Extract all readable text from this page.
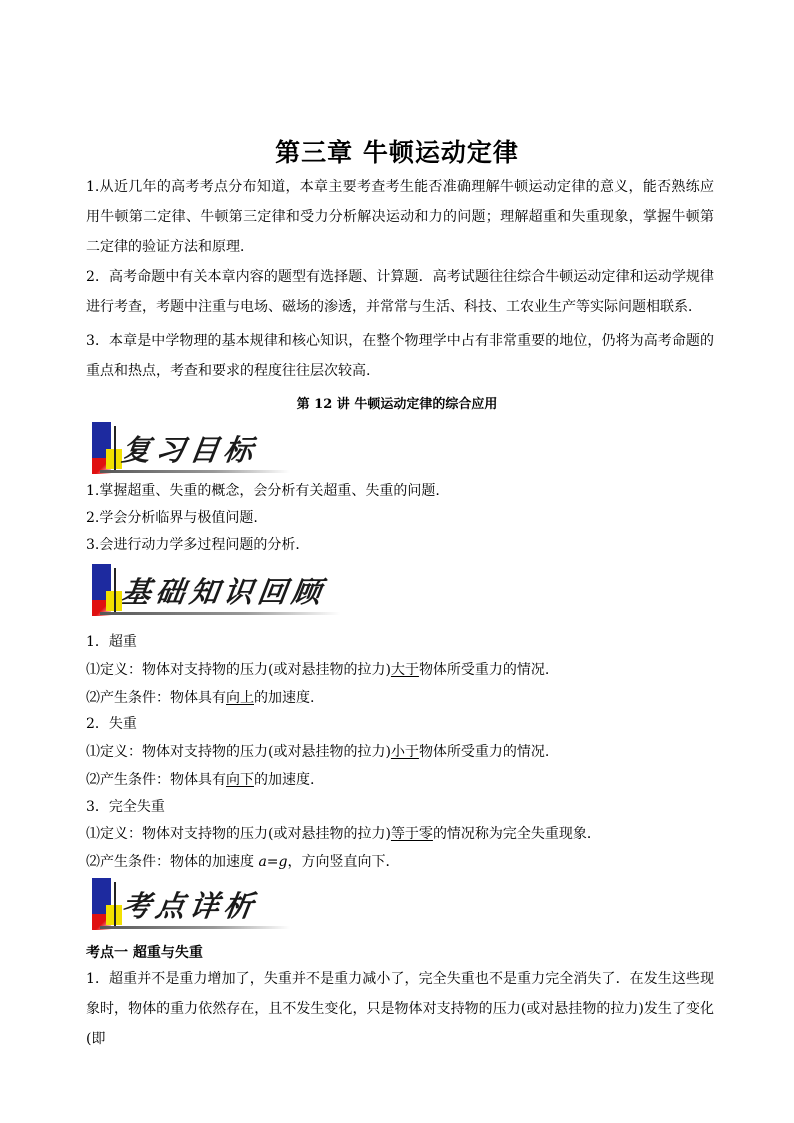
第三章 牛顿运动定律
1.从近几年的高考考点分布知道，本章主要考查考生能否准确理解牛顿运动定律的意义，能否熟练应用牛顿第二定律、牛顿第三定律和受力分析解决运动和力的问题；理解超重和失重现象，掌握牛顿第二定律的验证方法和原理．
2．高考命题中有关本章内容的题型有选择题、计算题．高考试题往往综合牛顿运动定律和运动学规律进行考查，考题中注重与电场、磁场的渗透，并常常与生活、科技、工农业生产等实际问题相联系．
3．本章是中学物理的基本规律和核心知识，在整个物理学中占有非常重要的地位，仍将为高考命题的重点和热点，考查和要求的程度往往层次较高.
第 12 讲 牛顿运动定律的综合应用
复习目标
1.掌握超重、失重的概念，会分析有关超重、失重的问题.
2.学会分析临界与极值问题.
3.会进行动力学多过程问题的分析．
基础知识回顾
1．超重
⑴定义：物体对支持物的压力(或对悬挂物的拉力)大于物体所受重力的情况.
⑵产生条件：物体具有向上的加速度.
2．失重
⑴定义：物体对支持物的压力(或对悬挂物的拉力)小于物体所受重力的情况.
⑵产生条件：物体具有向下的加速度.
3．完全失重
⑴定义：物体对支持物的压力(或对悬挂物的拉力)等于零的情况称为完全失重现象．
⑵产生条件：物体的加速度 a=g，方向竖直向下．
考点详析
考点一 超重与失重
1．超重并不是重力增加了，失重并不是重力减小了，完全失重也不是重力完全消失了．在发生这些现象时，物体的重力依然存在，且不发生变化，只是物体对支持物的压力(或对悬挂物的拉力)发生了变化(即
